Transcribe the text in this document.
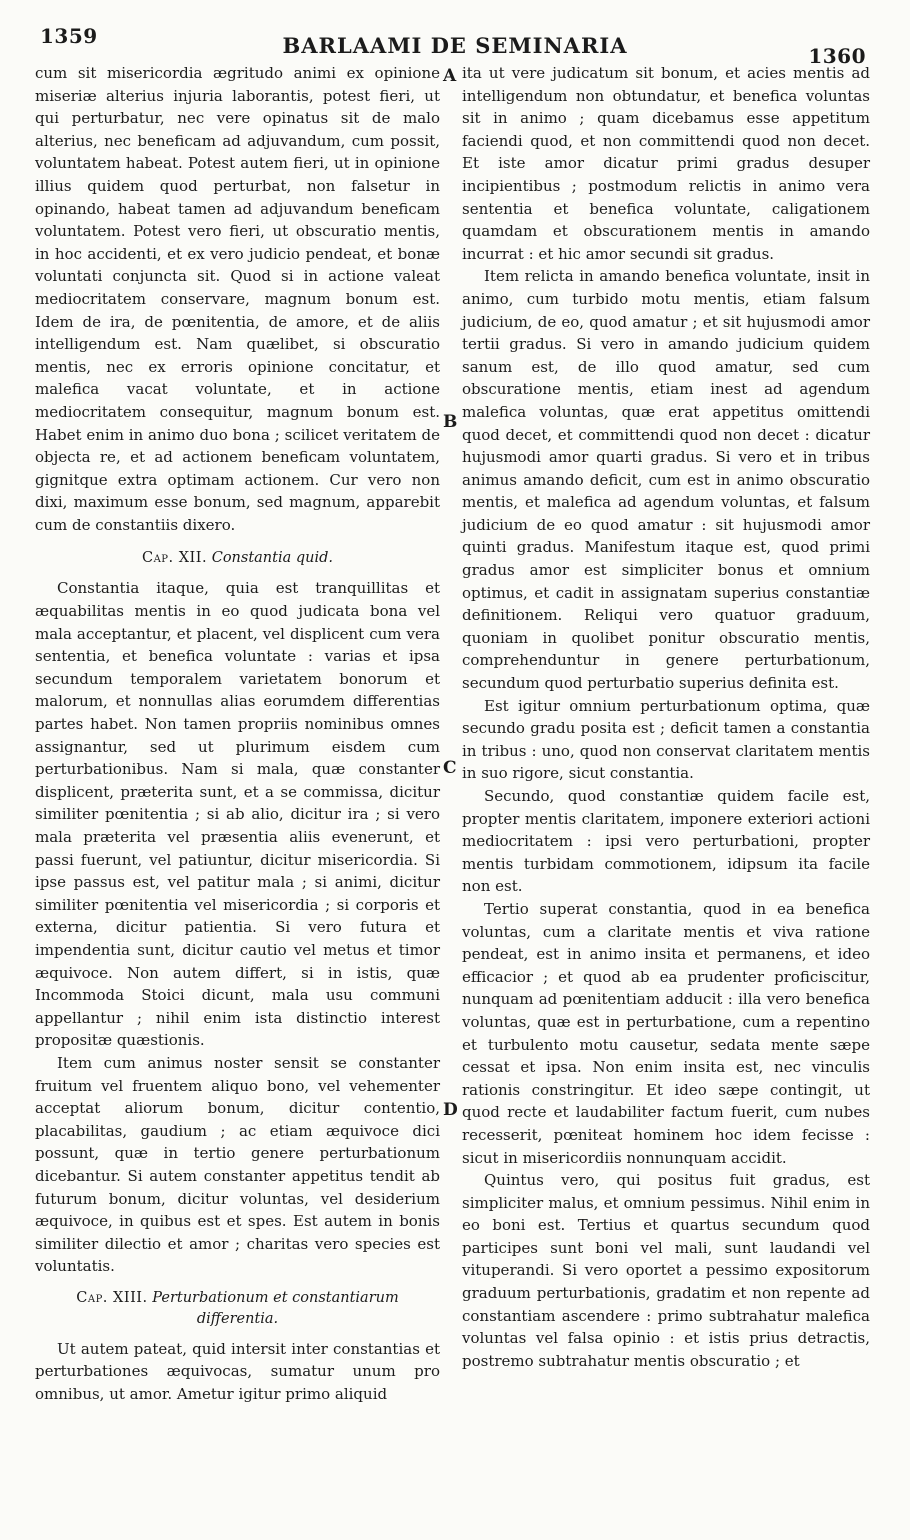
1359	BARLAAMI DE SEMINARIA	1360
A
B
C
D

cum sit misericordia ægritudo animi ex opinione miseriæ alterius injuria laborantis, potest fieri, ut qui perturbatur, nec vere opinatus sit de malo alterius, nec beneficam ad adjuvandum, cum possit, voluntatem habeat. Potest autem fieri, ut in opinione illius quidem quod perturbat, non falsetur in opinando, habeat tamen ad adjuvandum beneficam voluntatem. Potest vero fieri, ut obscuratio mentis, in hoc accidenti, et ex vero judicio pendeat, et bonæ voluntati conjuncta sit. Quod si in actione valeat mediocritatem conservare, magnum bonum est. Idem de ira, de pœnitentia, de amore, et de aliis intelligendum est. Nam quælibet, si obscuratio mentis, nec ex erroris opinione concitatur, et malefica vacat voluntate, et in actione mediocritatem consequitur, magnum bonum est. Habet enim in animo duo bona ; scilicet veritatem de objecta re, et ad actionem beneficam voluntatem, gignitque extra optimam actionem. Cur vero non dixi, maximum esse bonum, sed magnum, apparebit cum de constantiis dixero.

Cap. XII. Constantia quid.

Constantia itaque, quia est tranquillitas et æquabilitas mentis in eo quod judicata bona vel mala acceptantur, et placent, vel displicent cum vera sententia, et benefica voluntate : varias et ipsa secundum temporalem varietatem bonorum et malorum, et nonnullas alias eorumdem differentias partes habet. Non tamen propriis nominibus omnes assignantur, sed ut plurimum eisdem cum perturbationibus. Nam si mala, quæ constanter displicent, præterita sunt, et a se commissa, dicitur similiter pœnitentia ; si ab alio, dicitur ira ; si vero mala præterita vel præsentia aliis evenerunt, et passi fuerunt, vel patiuntur, dicitur misericordia. Si ipse passus est, vel patitur mala ; si animi, dicitur similiter pœnitentia vel misericordia ; si corporis et externa, dicitur patientia. Si vero futura et impendentia sunt, dicitur cautio vel metus et timor æquivoce. Non autem differt, si in istis, quæ Incommoda Stoici dicunt, mala usu communi appellantur ; nihil enim ista distinctio interest propositæ quæstionis.

Item cum animus noster sensit se constanter fruitum vel fruentem aliquo bono, vel vehementer acceptat aliorum bonum, dicitur contentio, placabilitas, gaudium ; ac etiam æquivoce dici possunt, quæ in tertio genere perturbationum dicebantur. Si autem constanter appetitus tendit ab futurum bonum, dicitur voluntas, vel desiderium æquivoce, in quibus est et spes. Est autem in bonis similiter dilectio et amor ; charitas vero species est voluntatis.

Cap. XIII. Perturbationum et constantiarum differentia.

Ut autem pateat, quid intersit inter constantias et perturbationes æquivocas, sumatur unum pro omnibus, ut amor. Ametur igitur primo aliquid

ita ut vere judicatum sit bonum, et acies mentis ad intelligendum non obtundatur, et benefica voluntas sit in animo ; quam dicebamus esse appetitum faciendi quod, et non committendi quod non decet. Et iste amor dicatur primi gradus desuper incipientibus ; postmodum relictis in animo vera sententia et benefica voluntate, caligationem quamdam et obscurationem mentis in amando incurrat : et hic amor secundi sit gradus.

Item relicta in amando benefica voluntate, insit in animo, cum turbido motu mentis, etiam falsum judicium, de eo, quod amatur ; et sit hujusmodi amor tertii gradus. Si vero in amando judicium quidem sanum est, de illo quod amatur, sed cum obscuratione mentis, etiam inest ad agendum malefica voluntas, quæ erat appetitus omittendi quod decet, et committendi quod non decet : dicatur hujusmodi amor quarti gradus. Si vero et in tribus animus amando deficit, cum est in animo obscuratio mentis, et malefica ad agendum voluntas, et falsum judicium de eo quod amatur : sit hujusmodi amor quinti gradus. Manifestum itaque est, quod primi gradus amor est simpliciter bonus et omnium optimus, et cadit in assignatam superius constantiæ definitionem. Reliqui vero quatuor graduum, quoniam in quolibet ponitur obscuratio mentis, comprehenduntur in genere perturbationum, secundum quod perturbatio superius definita est.

Est igitur omnium perturbationum optima, quæ secundo gradu posita est ; deficit tamen a constantia in tribus : uno, quod non conservat claritatem mentis in suo rigore, sicut constantia.

Secundo, quod constantiæ quidem facile est, propter mentis claritatem, imponere exteriori actioni mediocritatem : ipsi vero perturbationi, propter mentis turbidam commotionem, idipsum ita facile non est.

Tertio superat constantia, quod in ea benefica voluntas, cum a claritate mentis et viva ratione pendeat, est in animo insita et permanens, et ideo efficacior ; et quod ab ea prudenter proficiscitur, nunquam ad pœnitentiam adducit : illa vero benefica voluntas, quæ est in perturbatione, cum a repentino et turbulento motu causetur, sedata mente sæpe cessat et ipsa. Non enim insita est, nec vinculis rationis constringitur. Et ideo sæpe contingit, ut quod recte et laudabiliter factum fuerit, cum nubes recesserit, pœniteat hominem hoc idem fecisse : sicut in misericordiis nonnunquam accidit.

Quintus vero, qui positus fuit gradus, est simpliciter malus, et omnium pessimus. Nihil enim in eo boni est. Tertius et quartus secundum quod participes sunt boni vel mali, sunt laudandi vel vituperandi. Si vero oportet a pessimo expositorum graduum perturbationis, gradatim et non repente ad constantiam ascendere : primo subtrahatur malefica voluntas vel falsa opinio : et istis prius detractis, postremo subtrahatur mentis obscuratio ; et
